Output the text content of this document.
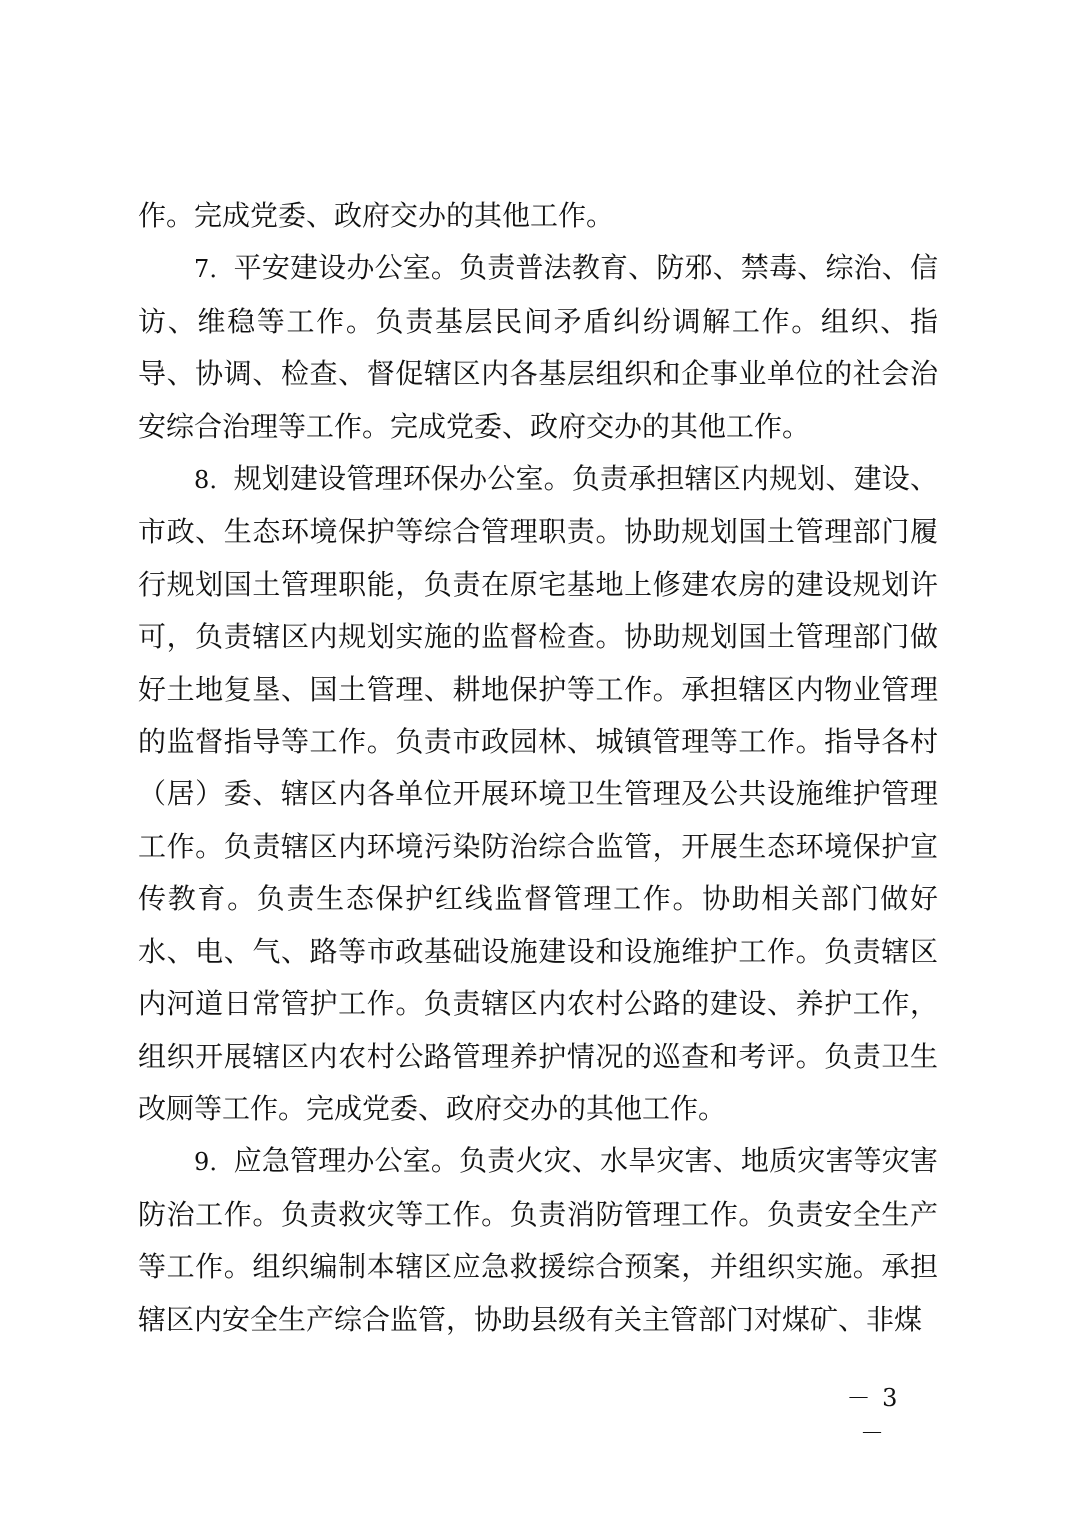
作。完成党委、政府交办的其他工作。

7．平安建设办公室。负责普法教育、防邪、禁毒、综治、信访、维稳等工作。负责基层民间矛盾纠纷调解工作。组织、指导、协调、检查、督促辖区内各基层组织和企事业单位的社会治安综合治理等工作。完成党委、政府交办的其他工作。

8．规划建设管理环保办公室。负责承担辖区内规划、建设、市政、生态环境保护等综合管理职责。协助规划国土管理部门履行规划国土管理职能，负责在原宅基地上修建农房的建设规划许可，负责辖区内规划实施的监督检查。协助规划国土管理部门做好土地复垦、国土管理、耕地保护等工作。承担辖区内物业管理的监督指导等工作。负责市政园林、城镇管理等工作。指导各村（居）委、辖区内各单位开展环境卫生管理及公共设施维护管理工作。负责辖区内环境污染防治综合监管，开展生态环境保护宣传教育。负责生态保护红线监督管理工作。协助相关部门做好水、电、气、路等市政基础设施建设和设施维护工作。负责辖区内河道日常管护工作。负责辖区内农村公路的建设、养护工作，组织开展辖区内农村公路管理养护情况的巡查和考评。负责卫生改厕等工作。完成党委、政府交办的其他工作。

9．应急管理办公室。负责火灾、水旱灾害、地质灾害等灾害防治工作。负责救灾等工作。负责消防管理工作。负责安全生产等工作。组织编制本辖区应急救援综合预案，并组织实施。承担辖区内安全生产综合监管，协助县级有关主管部门对煤矿、非煤

－ 3 －
